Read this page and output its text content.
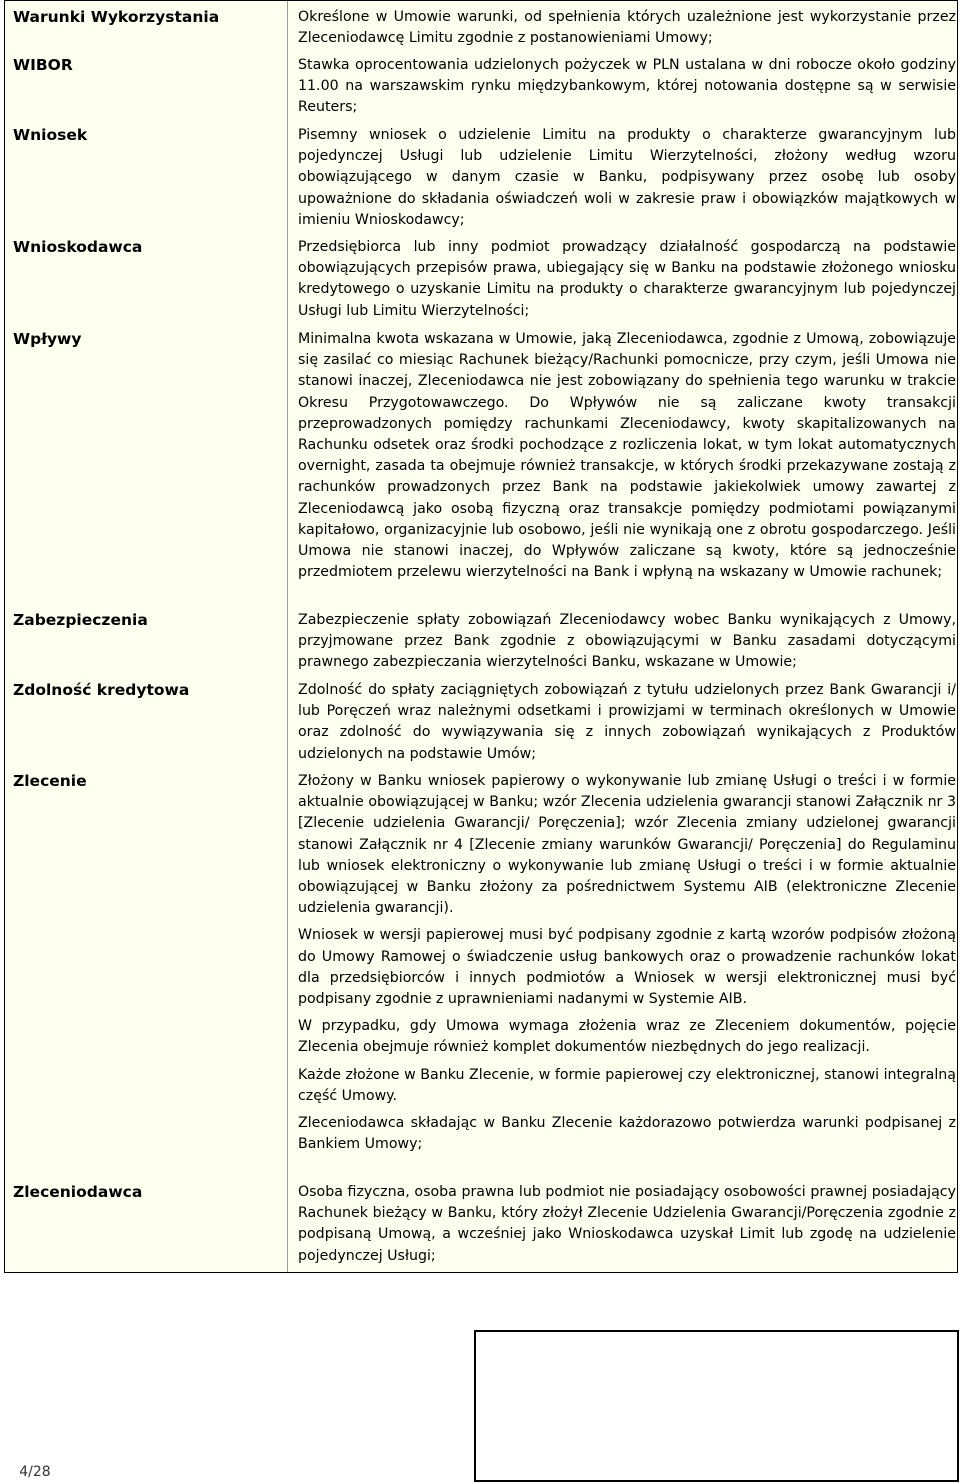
Warunki Wykorzystania	Określone w Umowie warunki, od spełnienia których uzależnione jest wykorzystanie przez Zleceniodawcę Limitu zgodnie z postanowieniami Umowy;

WIBOR	Stawka oprocentowania udzielonych pożyczek w PLN ustalana w dni robocze około godziny 11.00 na warszawskim rynku międzybankowym, której notowania dostępne są w serwisie Reuters;

Wniosek	Pisemny wniosek o udzielenie Limitu na produkty o charakterze gwarancyjnym lub pojedynczej Usługi lub udzielenie Limitu Wierzytelności, złożony według wzoru obowiązującego w danym czasie w Banku, podpisywany przez osobę lub osoby upoważnione do składania oświadczeń woli w zakresie praw i obowiązków majątkowych w imieniu Wnioskodawcy;

Wnioskodawca	Przedsiębiorca lub inny podmiot prowadzący działalność gospodarczą na podstawie obowiązujących przepisów prawa, ubiegający się w Banku na podstawie złożonego wniosku kredytowego o uzyskanie Limitu na produkty o charakterze gwarancyjnym lub pojedynczej Usługi lub Limitu Wierzytelności;

Wpływy	Minimalna kwota wskazana w Umowie, jaką Zleceniodawca, zgodnie z Umową, zobowiązuje się zasilać co miesiąc Rachunek bieżący/Rachunki pomocnicze, przy czym, jeśli Umowa nie stanowi inaczej, Zleceniodawca nie jest zobowiązany do spełnienia tego warunku w trakcie Okresu Przygotowawczego. Do Wpływów nie są zaliczane kwoty transakcji przeprowadzonych pomiędzy rachunkami Zleceniodawcy, kwoty skapitalizowanych na Rachunku odsetek oraz środki pochodzące z rozliczenia lokat, w tym lokat automatycznych overnight, zasada ta obejmuje również transakcje, w których środki przekazywane zostają z rachunków prowadzonych przez Bank na podstawie jakiekolwiek umowy zawartej z Zleceniodawcą jako osobą fizyczną oraz transakcje pomiędzy podmiotami powiązanymi kapitałowo, organizacyjnie lub osobowo, jeśli nie wynikają one z obrotu gospodarczego. Jeśli Umowa nie stanowi inaczej, do Wpływów zaliczane są kwoty, które są jednocześnie przedmiotem przelewu wierzytelności na Bank i wpłyną na wskazany w Umowie rachunek;

Zabezpieczenia	Zabezpieczenie spłaty zobowiązań Zleceniodawcy wobec Banku wynikających z Umowy, przyjmowane przez Bank zgodnie z obowiązującymi w Banku zasadami dotyczącymi prawnego zabezpieczania wierzytelności Banku, wskazane w Umowie;

Zdolność kredytowa	Zdolność do spłaty zaciągniętych zobowiązań z tytułu udzielonych przez Bank Gwarancji i/ lub Poręczeń wraz należnymi odsetkami i prowizjami w terminach określonych w Umowie oraz zdolność do wywiązywania się z innych zobowiązań wynikających z Produktów udzielonych na podstawie Umów;

Zlecenie	Złożony w Banku wniosek papierowy o wykonywanie lub zmianę Usługi o treści i w formie aktualnie obowiązującej w Banku; wzór Zlecenia udzielenia gwarancji stanowi Załącznik nr 3 [Zlecenie udzielenia Gwarancji/ Poręczenia]; wzór Zlecenia zmiany udzielonej gwarancji stanowi Załącznik nr 4 [Zlecenie zmiany warunków Gwarancji/ Poręczenia] do Regulaminu lub wniosek elektroniczny o wykonywanie lub zmianę Usługi o treści i w formie aktualnie obowiązującej w Banku złożony za pośrednictwem Systemu AIB (elektroniczne Zlecenie udzielenia gwarancji).

Wniosek w wersji papierowej musi być podpisany zgodnie z kartą wzorów podpisów złożoną do Umowy Ramowej o świadczenie usług bankowych oraz o prowadzenie rachunków lokat dla przedsiębiorców i innych podmiotów a Wniosek w wersji elektronicznej musi być podpisany zgodnie z uprawnieniami nadanymi w Systemie AIB.

W przypadku, gdy Umowa wymaga złożenia wraz ze Zleceniem dokumentów, pojęcie Zlecenia obejmuje również komplet dokumentów niezbędnych do jego realizacji.

Każde złożone w Banku Zlecenie, w formie papierowej czy elektronicznej, stanowi integralną część Umowy.

Zleceniodawca składając w Banku Zlecenie każdorazowo potwierdza warunki podpisanej z Bankiem Umowy;

Zleceniodawca	Osoba fizyczna, osoba prawna lub podmiot nie posiadający osobowości prawnej posiadający Rachunek bieżący w Banku, który złożył Zlecenie Udzielenia Gwarancji/Poręczenia zgodnie z podpisaną Umową, a wcześniej jako Wnioskodawca uzyskał Limit lub zgodę na udzielenie pojedynczej Usługi;

4/28
